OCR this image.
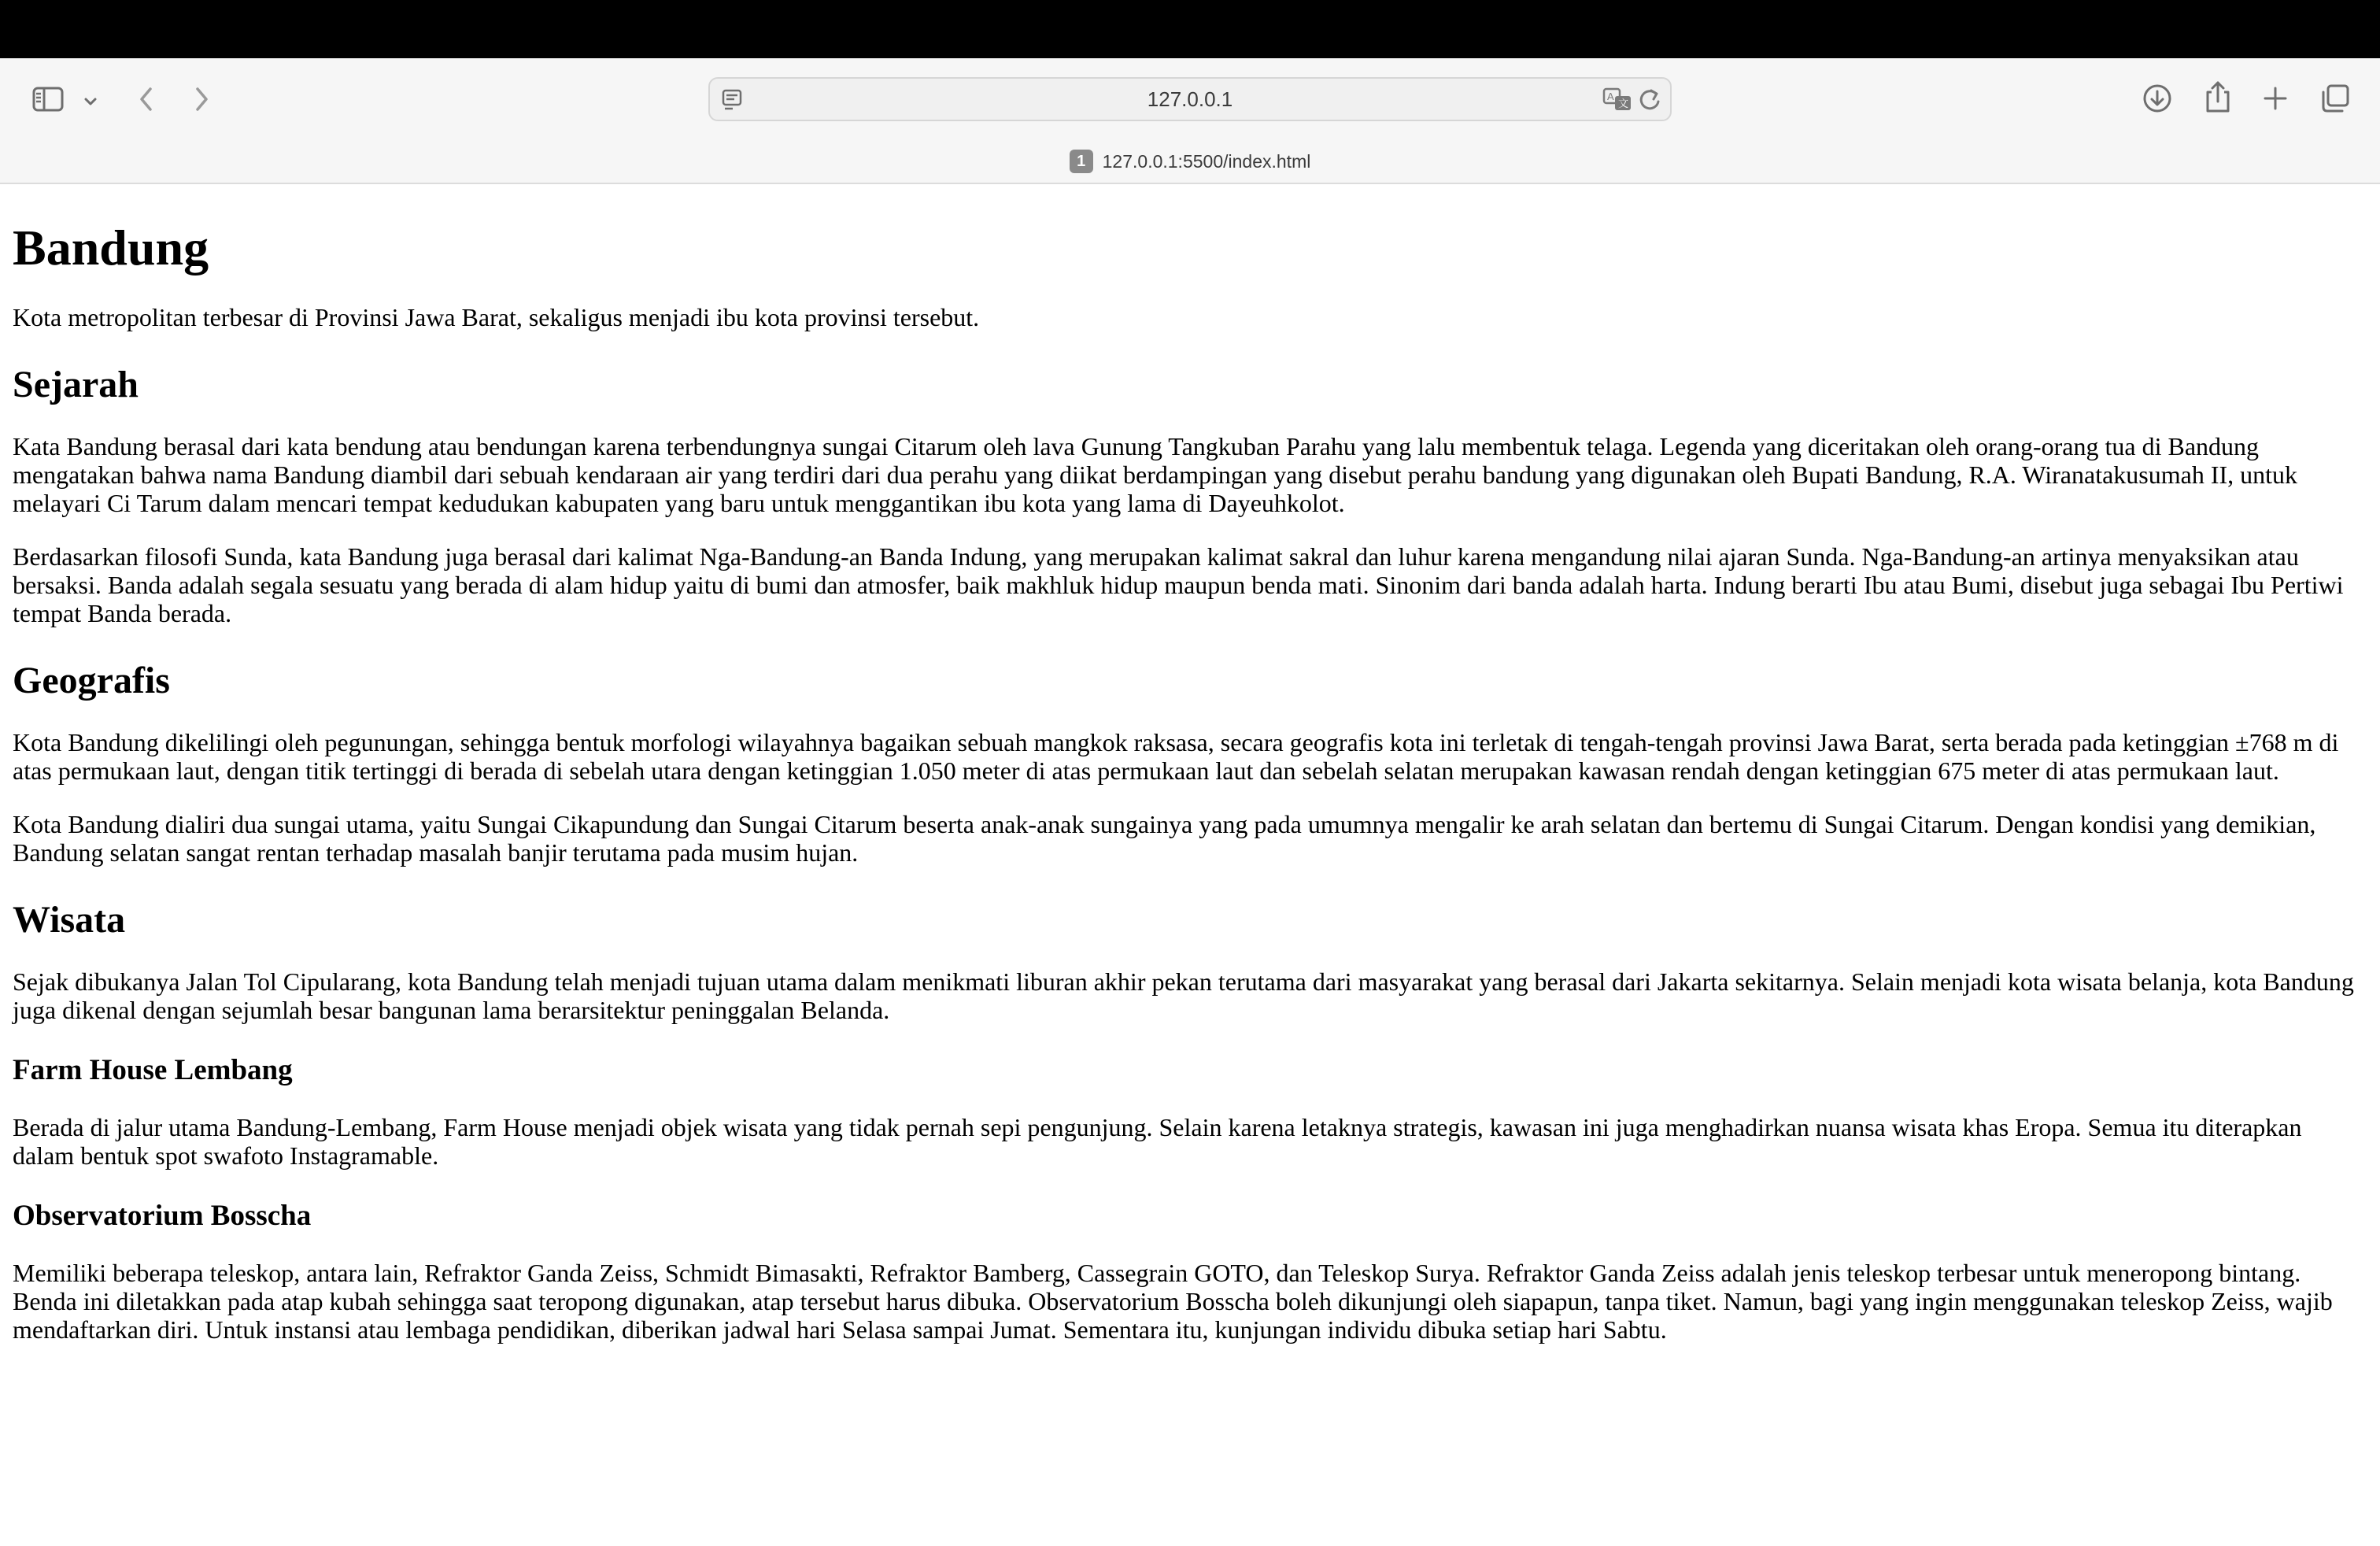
127.0.0.1	A
文
1 127.0.0.1:5500/index.html
Bandung

Kota metropolitan terbesar di Provinsi Jawa Barat, sekaligus menjadi ibu kota provinsi tersebut.

Sejarah

Kata Bandung berasal dari kata bendung atau bendungan karena terbendungnya sungai Citarum oleh lava Gunung Tangkuban Parahu yang lalu membentuk telaga. Legenda yang diceritakan oleh orang-orang tua di Bandung mengatakan bahwa nama Bandung diambil dari sebuah kendaraan air yang terdiri dari dua perahu yang diikat berdampingan yang disebut perahu bandung yang digunakan oleh Bupati Bandung, R.A. Wiranatakusumah II, untuk melayari Ci Tarum dalam mencari tempat kedudukan kabupaten yang baru untuk menggantikan ibu kota yang lama di Dayeuhkolot.

Berdasarkan filosofi Sunda, kata Bandung juga berasal dari kalimat Nga-Bandung-an Banda Indung, yang merupakan kalimat sakral dan luhur karena mengandung nilai ajaran Sunda. Nga-Bandung-an artinya menyaksikan atau bersaksi. Banda adalah segala sesuatu yang berada di alam hidup yaitu di bumi dan atmosfer, baik makhluk hidup maupun benda mati. Sinonim dari banda adalah harta. Indung berarti Ibu atau Bumi, disebut juga sebagai Ibu Pertiwi tempat Banda berada.

Geografis

Kota Bandung dikelilingi oleh pegunungan, sehingga bentuk morfologi wilayahnya bagaikan sebuah mangkok raksasa, secara geografis kota ini terletak di tengah-tengah provinsi Jawa Barat, serta berada pada ketinggian ±768 m di atas permukaan laut, dengan titik tertinggi di berada di sebelah utara dengan ketinggian 1.050 meter di atas permukaan laut dan sebelah selatan merupakan kawasan rendah dengan ketinggian 675 meter di atas permukaan laut.

Kota Bandung dialiri dua sungai utama, yaitu Sungai Cikapundung dan Sungai Citarum beserta anak-anak sungainya yang pada umumnya mengalir ke arah selatan dan bertemu di Sungai Citarum. Dengan kondisi yang demikian, Bandung selatan sangat rentan terhadap masalah banjir terutama pada musim hujan.

Wisata

Sejak dibukanya Jalan Tol Cipularang, kota Bandung telah menjadi tujuan utama dalam menikmati liburan akhir pekan terutama dari masyarakat yang berasal dari Jakarta sekitarnya. Selain menjadi kota wisata belanja, kota Bandung juga dikenal dengan sejumlah besar bangunan lama berarsitektur peninggalan Belanda.

Farm House Lembang

Berada di jalur utama Bandung-Lembang, Farm House menjadi objek wisata yang tidak pernah sepi pengunjung. Selain karena letaknya strategis, kawasan ini juga menghadirkan nuansa wisata khas Eropa. Semua itu diterapkan dalam bentuk spot swafoto Instagramable.

Observatorium Bosscha

Memiliki beberapa teleskop, antara lain, Refraktor Ganda Zeiss, Schmidt Bimasakti, Refraktor Bamberg, Cassegrain GOTO, dan Teleskop Surya. Refraktor Ganda Zeiss adalah jenis teleskop terbesar untuk meneropong bintang. Benda ini diletakkan pada atap kubah sehingga saat teropong digunakan, atap tersebut harus dibuka. Observatorium Bosscha boleh dikunjungi oleh siapapun, tanpa tiket. Namun, bagi yang ingin menggunakan teleskop Zeiss, wajib mendaftarkan diri. Untuk instansi atau lembaga pendidikan, diberikan jadwal hari Selasa sampai Jumat. Sementara itu, kunjungan individu dibuka setiap hari Sabtu.
